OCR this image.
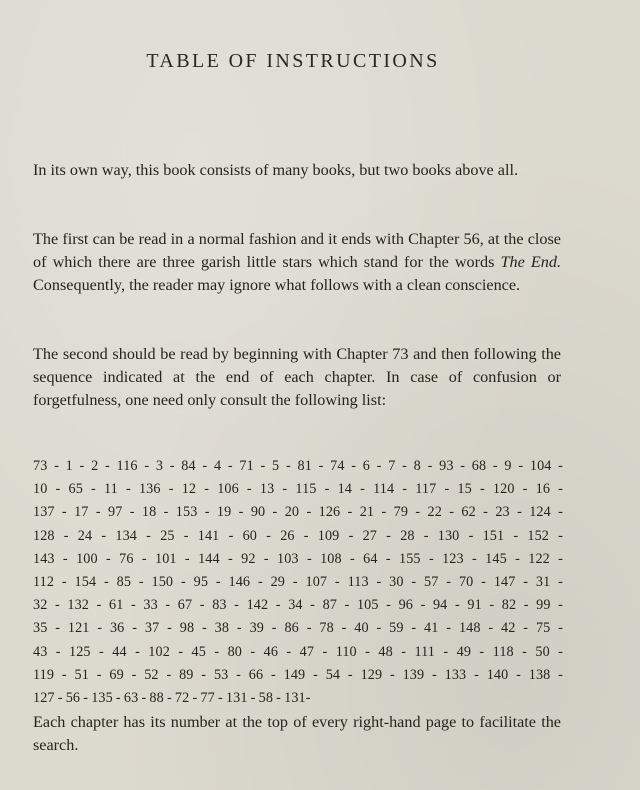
TABLE OF INSTRUCTIONS
In its own way, this book consists of many books, but two books above all.
The first can be read in a normal fashion and it ends with Chapter 56, at the close of which there are three garish little stars which stand for the words The End. Consequently, the reader may ignore what follows with a clean conscience.
The second should be read by beginning with Chapter 73 and then following the sequence indicated at the end of each chapter. In case of confusion or forgetfulness, one need only consult the following list:
73 - 1 - 2 - 116 - 3 - 84 - 4 - 71 - 5 - 81 - 74 - 6 - 7 - 8 - 93 - 68 - 9 - 104 -
10 - 65 - 11 - 136 - 12 - 106 - 13 - 115 - 14 - 114 - 117 - 15 - 120 - 16 -
137 - 17 - 97 - 18 - 153 - 19 - 90 - 20 - 126 - 21 - 79 - 22 - 62 - 23 - 124 -
128 - 24 - 134 - 25 - 141 - 60 - 26 - 109 - 27 - 28 - 130 - 151 - 152 -
143 - 100 - 76 - 101 - 144 - 92 - 103 - 108 - 64 - 155 - 123 - 145 - 122 -
112 - 154 - 85 - 150 - 95 - 146 - 29 - 107 - 113 - 30 - 57 - 70 - 147 - 31 -
32 - 132 - 61 - 33 - 67 - 83 - 142 - 34 - 87 - 105 - 96 - 94 - 91 - 82 - 99 -
35 - 121 - 36 - 37 - 98 - 38 - 39 - 86 - 78 - 40 - 59 - 41 - 148 - 42 - 75 -
43 - 125 - 44 - 102 - 45 - 80 - 46 - 47 - 110 - 48 - 111 - 49 - 118 - 50 -
119 - 51 - 69 - 52 - 89 - 53 - 66 - 149 - 54 - 129 - 139 - 133 - 140 - 138 -
127 - 56 - 135 - 63 - 88 - 72 - 77 - 131 - 58 - 131-
Each chapter has its number at the top of every right-hand page to facilitate the search.
